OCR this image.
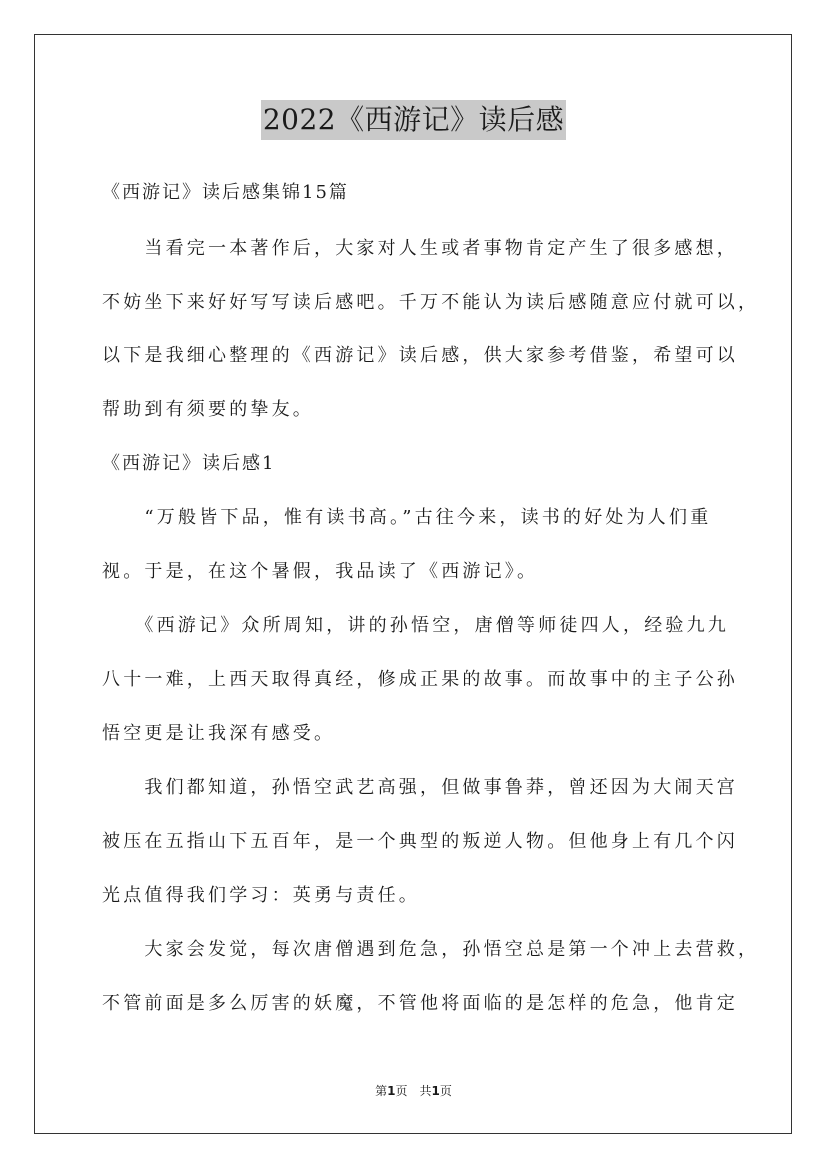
2022《西游记》读后感
《西游记》读后感集锦15篇
　　当看完一本著作后，大家对人生或者事物肯定产生了很多感想，
不妨坐下来好好写写读后感吧。千万不能认为读后感随意应付就可以，
以下是我细心整理的《西游记》读后感，供大家参考借鉴，希望可以
帮助到有须要的挚友。
《西游记》读后感1
　　“万般皆下品，惟有读书高。”古往今来，读书的好处为人们重
视。于是，在这个暑假，我品读了《西游记》。
　　《西游记》众所周知，讲的孙悟空，唐僧等师徒四人，经验九九
八十一难，上西天取得真经，修成正果的故事。而故事中的主子公孙
悟空更是让我深有感受。
　　我们都知道，孙悟空武艺高强，但做事鲁莽，曾还因为大闹天宫
被压在五指山下五百年，是一个典型的叛逆人物。但他身上有几个闪
光点值得我们学习：英勇与责任。
　　大家会发觉，每次唐僧遇到危急，孙悟空总是第一个冲上去营救，
不管前面是多么厉害的妖魔，不管他将面临的是怎样的危急，他肯定
第1页　共1页
